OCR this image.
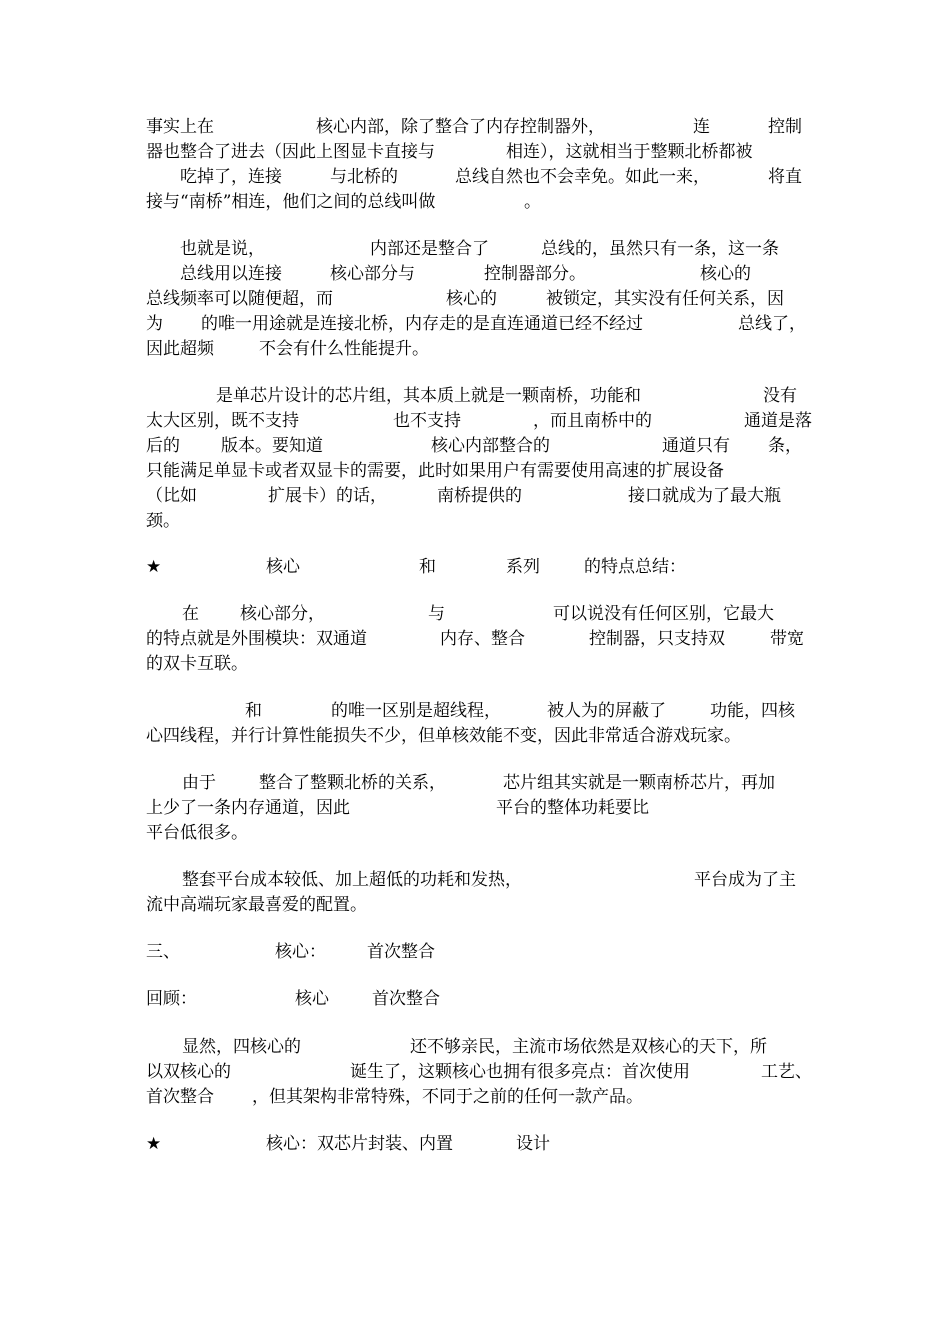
事实上在	核心内部，除了整合了内存控制器外，	连	控制
器也整合了进去（因此上图显卡直接与	相连），这就相当于整颗北桥都被
吃掉了，连接	与北桥的	总线自然也不会幸免。如此一来，	将直
接与“南桥”相连，他们之间的总线叫做	。
也就是说，	内部还是整合了	总线的，虽然只有一条，这一条
总线用以连接	核心部分与	控制器部分。	核心的
总线频率可以随便超，而	核心的	被锁定，其实没有任何关系，因
为 的唯一用途就是连接北桥，内存走的是直连通道已经不经过	总线了，
因此超频	不会有什么性能提升。
是单芯片设计的芯片组，其本质上就是一颗南桥，功能和	没有
太大区别，既不支持	也不支持	，而且南桥中的	通道是落
后的 版本。要知道	核心内部整合的	通道只有 条，
只能满足单显卡或者双显卡的需要，此时如果用户有需要使用高速的扩展设备
（比如	扩展卡）的话，	南桥提供的	接口就成为了最大瓶
颈。
★	核心	和	系列	的特点总结：
在 核心部分，	与	可以说没有任何区别，它最大
的特点就是外围模块：双通道	内存、整合	控制器，只支持双	带宽
的双卡互联。
和	的唯一区别是超线程，	被人为的屏蔽了	功能，四核
心四线程，并行计算性能损失不少，但单核效能不变，因此非常适合游戏玩家。
由于	整合了整颗北桥的关系，	芯片组其实就是一颗南桥芯片，再加
上少了一条内存通道，因此	平台的整体功耗要比
平台低很多。
整套平台成本较低、加上超低的功耗和发热，	平台成为了主
流中高端玩家最喜爱的配置。
三、	核心： 首次整合
回顾：	核心	首次整合
显然，四核心的	还不够亲民，主流市场依然是双核心的天下，所
以双核心的	诞生了，这颗核心也拥有很多亮点：首次使用	工艺、
首次整合 ，但其架构非常特殊，不同于之前的任何一款产品。
★	核心：双芯片封装、内置	设计
